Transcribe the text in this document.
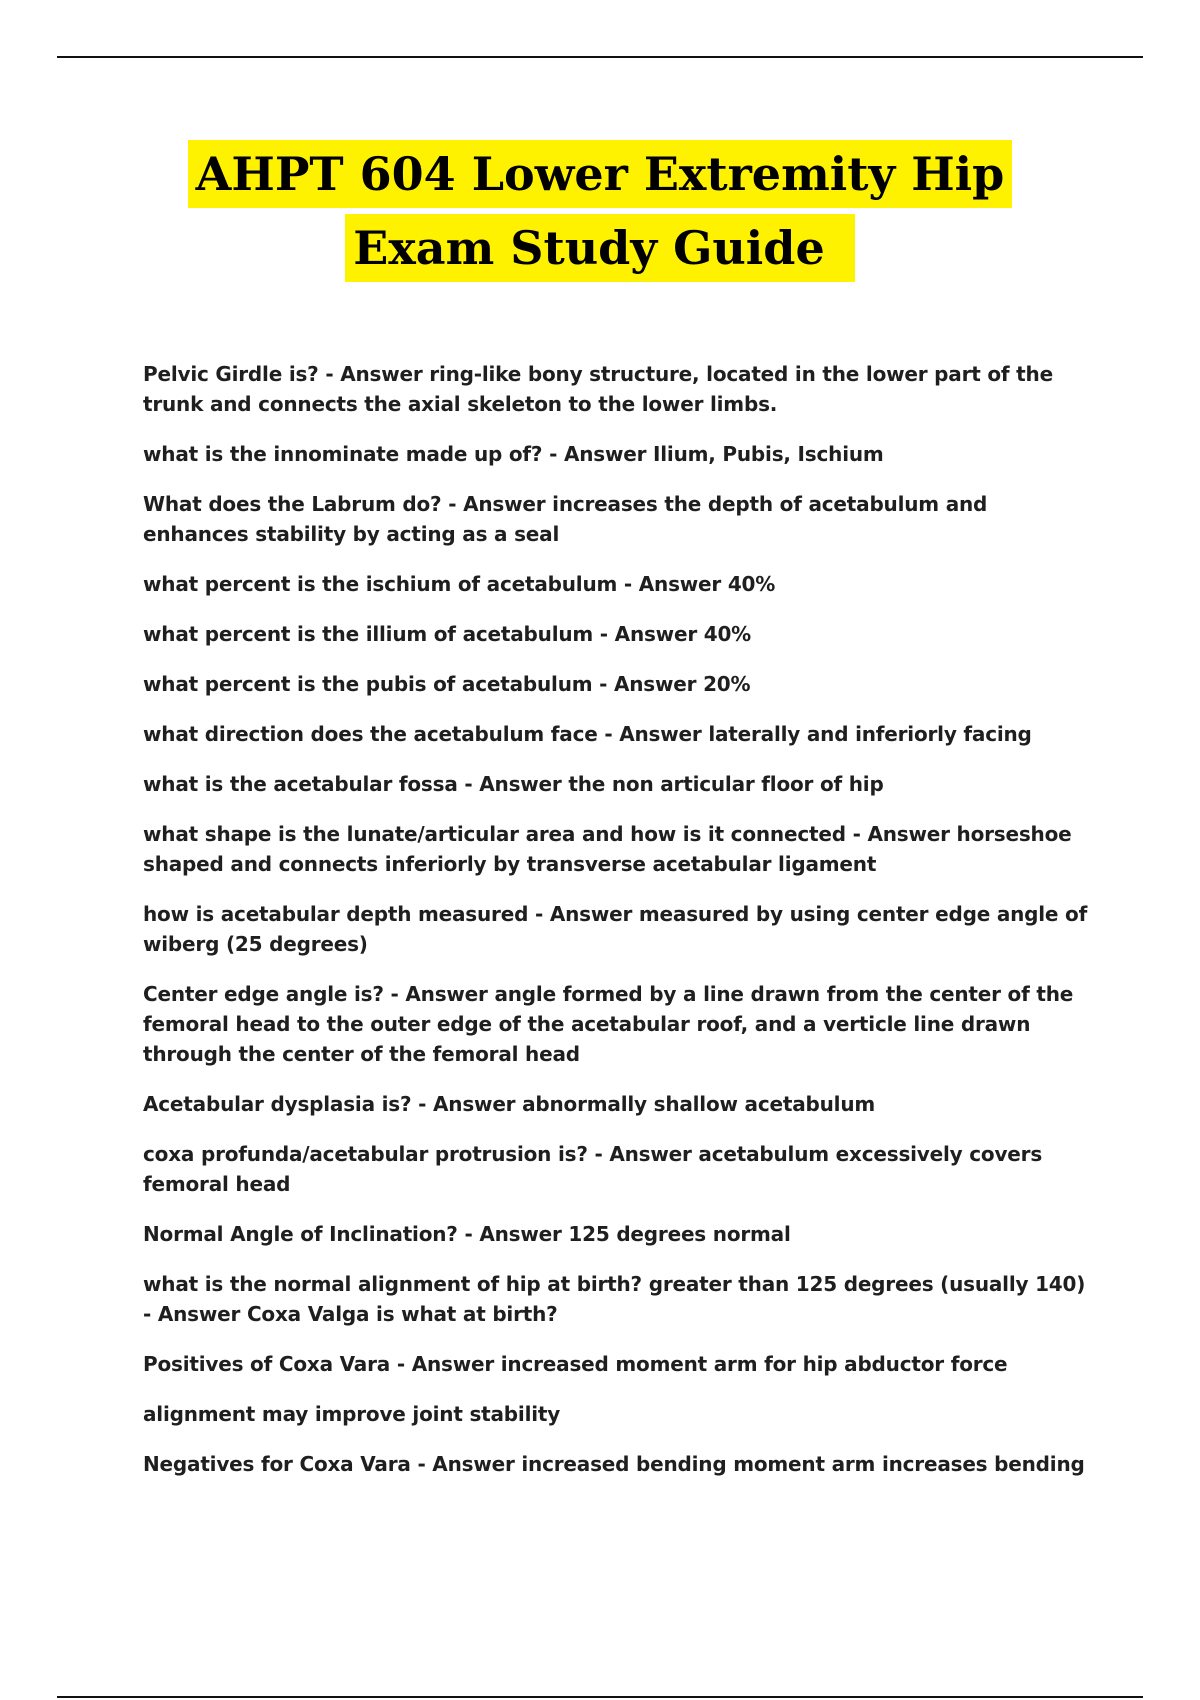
AHPT 604 Lower Extremity Hip
Exam Study Guide

Pelvic Girdle is? - Answer ring-like bony structure, located in the lower part of the trunk and connects the axial skeleton to the lower limbs.

what is the innominate made up of? - Answer Ilium, Pubis, Ischium

What does the Labrum do? - Answer increases the depth of acetabulum and enhances stability by acting as a seal

what percent is the ischium of acetabulum - Answer 40%

what percent is the illium of acetabulum - Answer 40%

what percent is the pubis of acetabulum - Answer 20%

what direction does the acetabulum face - Answer laterally and inferiorly facing

what is the acetabular fossa - Answer the non articular floor of hip

what shape is the lunate/articular area and how is it connected - Answer horseshoe shaped and connects inferiorly by transverse acetabular ligament

how is acetabular depth measured - Answer measured by using center edge angle of wiberg (25 degrees)

Center edge angle is? - Answer angle formed by a line drawn from the center of the femoral head to the outer edge of the acetabular roof, and a verticle line drawn through the center of the femoral head

Acetabular dysplasia is? - Answer abnormally shallow acetabulum

coxa profunda/acetabular protrusion is? - Answer acetabulum excessively covers femoral head

Normal Angle of Inclination? - Answer 125 degrees normal

what is the normal alignment of hip at birth? greater than 125 degrees (usually 140) - Answer Coxa Valga is what at birth?

Positives of Coxa Vara - Answer increased moment arm for hip abductor force

alignment may improve joint stability

Negatives for Coxa Vara - Answer increased bending moment arm increases bending
